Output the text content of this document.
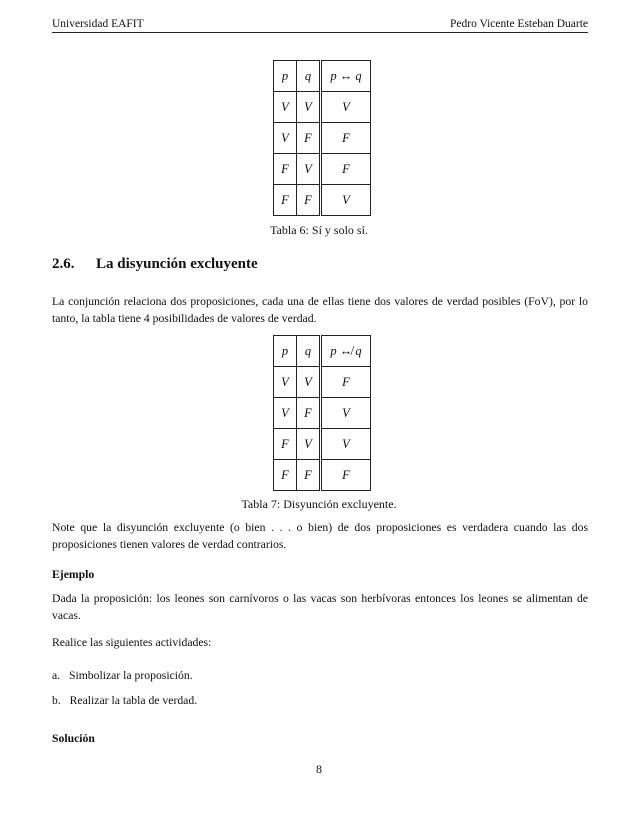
Universidad EAFIT	Pedro Vicente Esteban Duarte
p	q	p ↔ q
V	V	V
V	F	F
F	V	F
F	F	V
Tabla 6: Sí y solo sí.
2.6. La disyunción excluyente
La conjunción relaciona dos proposiciones, cada una de ellas tiene dos valores de verdad posibles (FoV), por lo tanto, la tabla tiene 4 posibilidades de valores de verdad.
p	q	p ↮ q
V	V	F
V	F	V
F	V	V
F	F	F
Tabla 7: Disyunción excluyente.
Note que la disyunción excluyente (o bien . . . o bien) de dos proposiciones es verdadera cuando las dos proposiciones tienen valores de verdad contrarios.
Ejemplo
Dada la proposición: los leones son carnívoros o las vacas son herbívoras entonces los leones se alimentan de vacas.
Realice las siguientes actividades:
a. Simbolizar la proposición.
b. Realizar la tabla de verdad.
Solución
8
